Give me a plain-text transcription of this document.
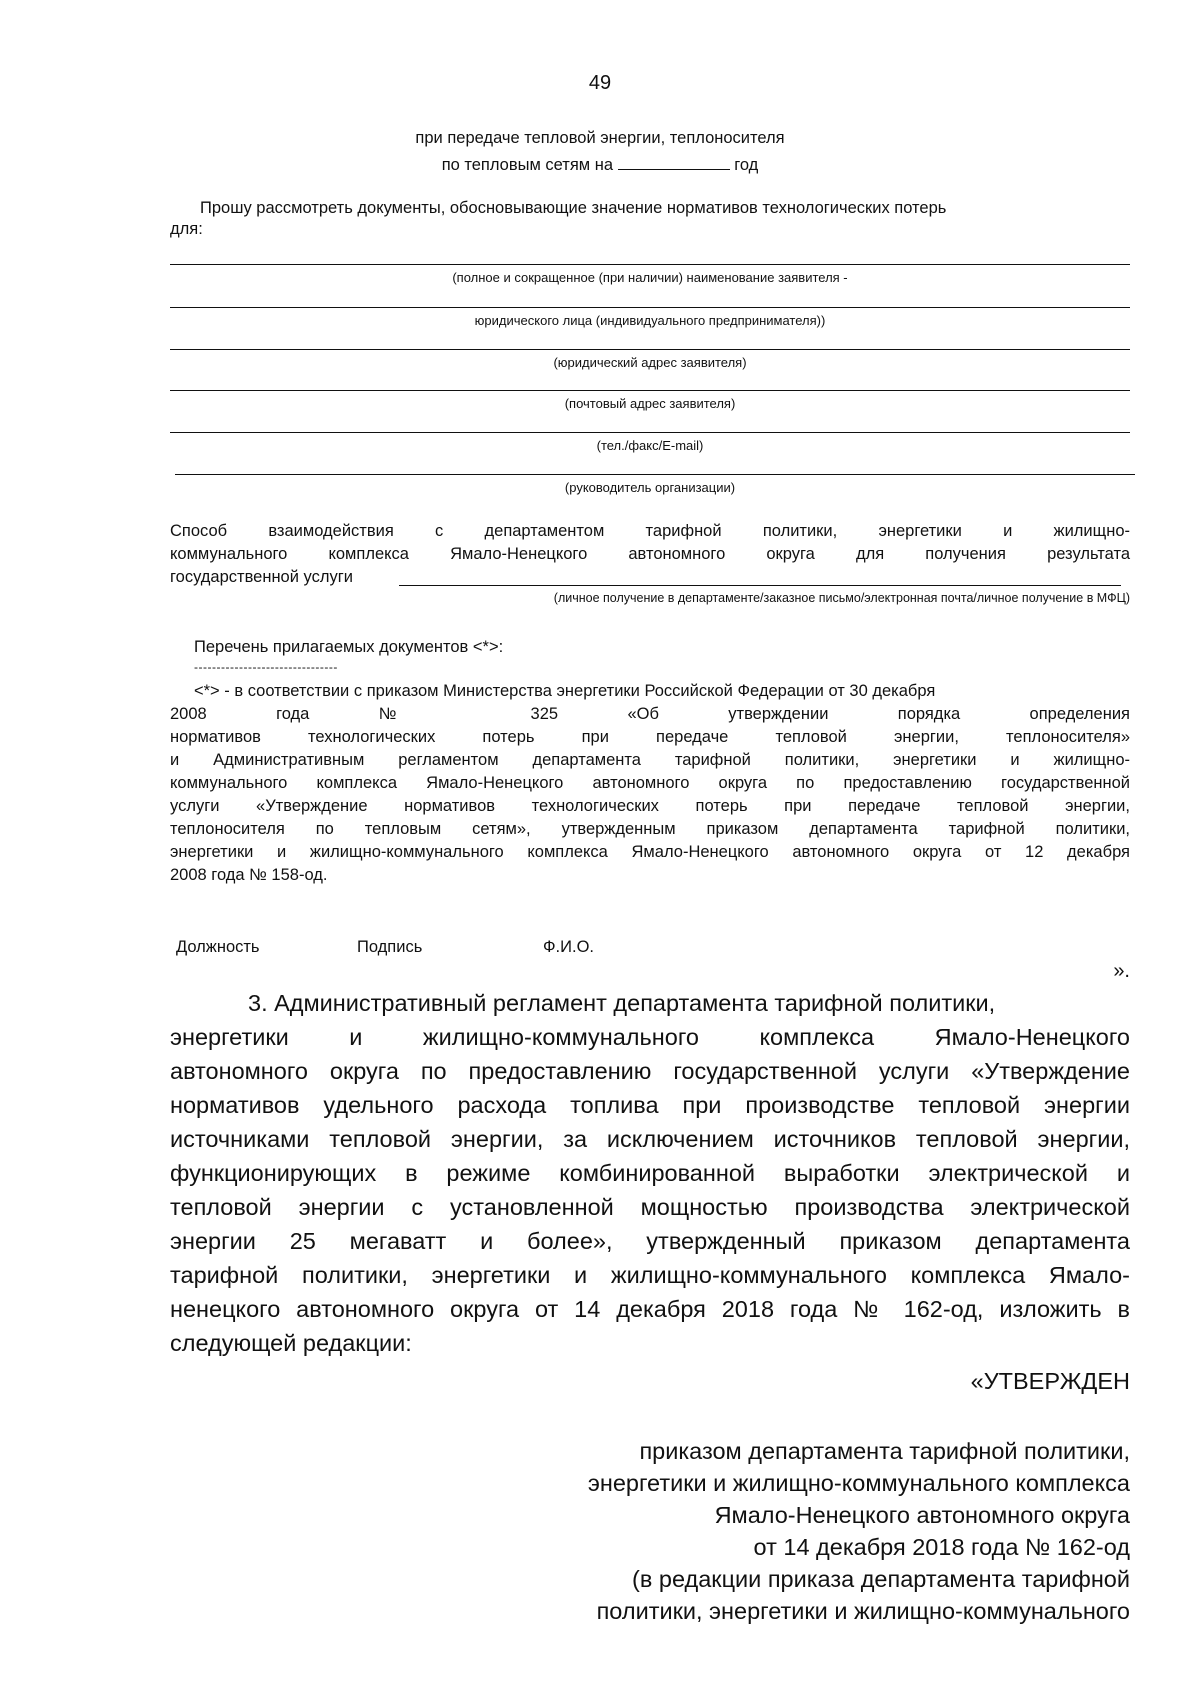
49
при передаче тепловой энергии, теплоносителя
по тепловым сетям на	год
Прошу рассмотреть документы, обосновывающие значение нормативов технологических потерь
для:
(полное и сокращенное (при наличии) наименование заявителя -
юридического лица (индивидуального предпринимателя))
(юридический адрес заявителя)
(почтовый адрес заявителя)
(тел./факс/E-mail)
(руководитель организации)
Способ взаимодействия с департаментом тарифной политики, энергетики и жилищно-
коммунального комплекса Ямало-Ненецкого автономного округа для получения результата
государственной услуги
(личное получение в департаменте/заказное письмо/электронная почта/личное получение в МФЦ)
Перечень прилагаемых документов <*>:
--------------------------------
<*> - в соответствии с приказом Министерства энергетики Российской Федерации от 30 декабря
2008 года № 325 «Об утверждении порядка определения
нормативов технологических потерь при передаче тепловой энергии, теплоносителя»
и Административным регламентом департамента тарифной политики, энергетики и жилищно-
коммунального комплекса Ямало-Ненецкого автономного округа по предоставлению государственной
услуги «Утверждение нормативов технологических потерь при передаче тепловой энергии,
теплоносителя по тепловым сетям», утвержденным приказом департамента тарифной политики,
энергетики и жилищно-коммунального комплекса Ямало-Ненецкого автономного округа от 12 декабря
2008 года № 158-од.
Должность	Подпись	Ф.И.О.
».
3. Административный регламент департамента тарифной политики,
энергетики и жилищно-коммунального комплекса Ямало-Ненецкого
автономного округа по предоставлению государственной услуги «Утверждение
нормативов удельного расхода топлива при производстве тепловой энергии
источниками тепловой энергии, за исключением источников тепловой энергии,
функционирующих в режиме комбинированной выработки электрической и
тепловой энергии с установленной мощностью производства электрической
энергии 25 мегаватт и более», утвержденный приказом департамента
тарифной политики, энергетики и жилищно-коммунального комплекса Ямало-
ненецкого автономного округа от 14 декабря 2018 года № 162-од, изложить в
следующей редакции:
«УТВЕРЖДЕН
приказом департамента тарифной политики,
энергетики и жилищно-коммунального комплекса
Ямало-Ненецкого автономного округа
от 14 декабря 2018 года № 162-од
(в редакции приказа департамента тарифной
политики, энергетики и жилищно-коммунального
